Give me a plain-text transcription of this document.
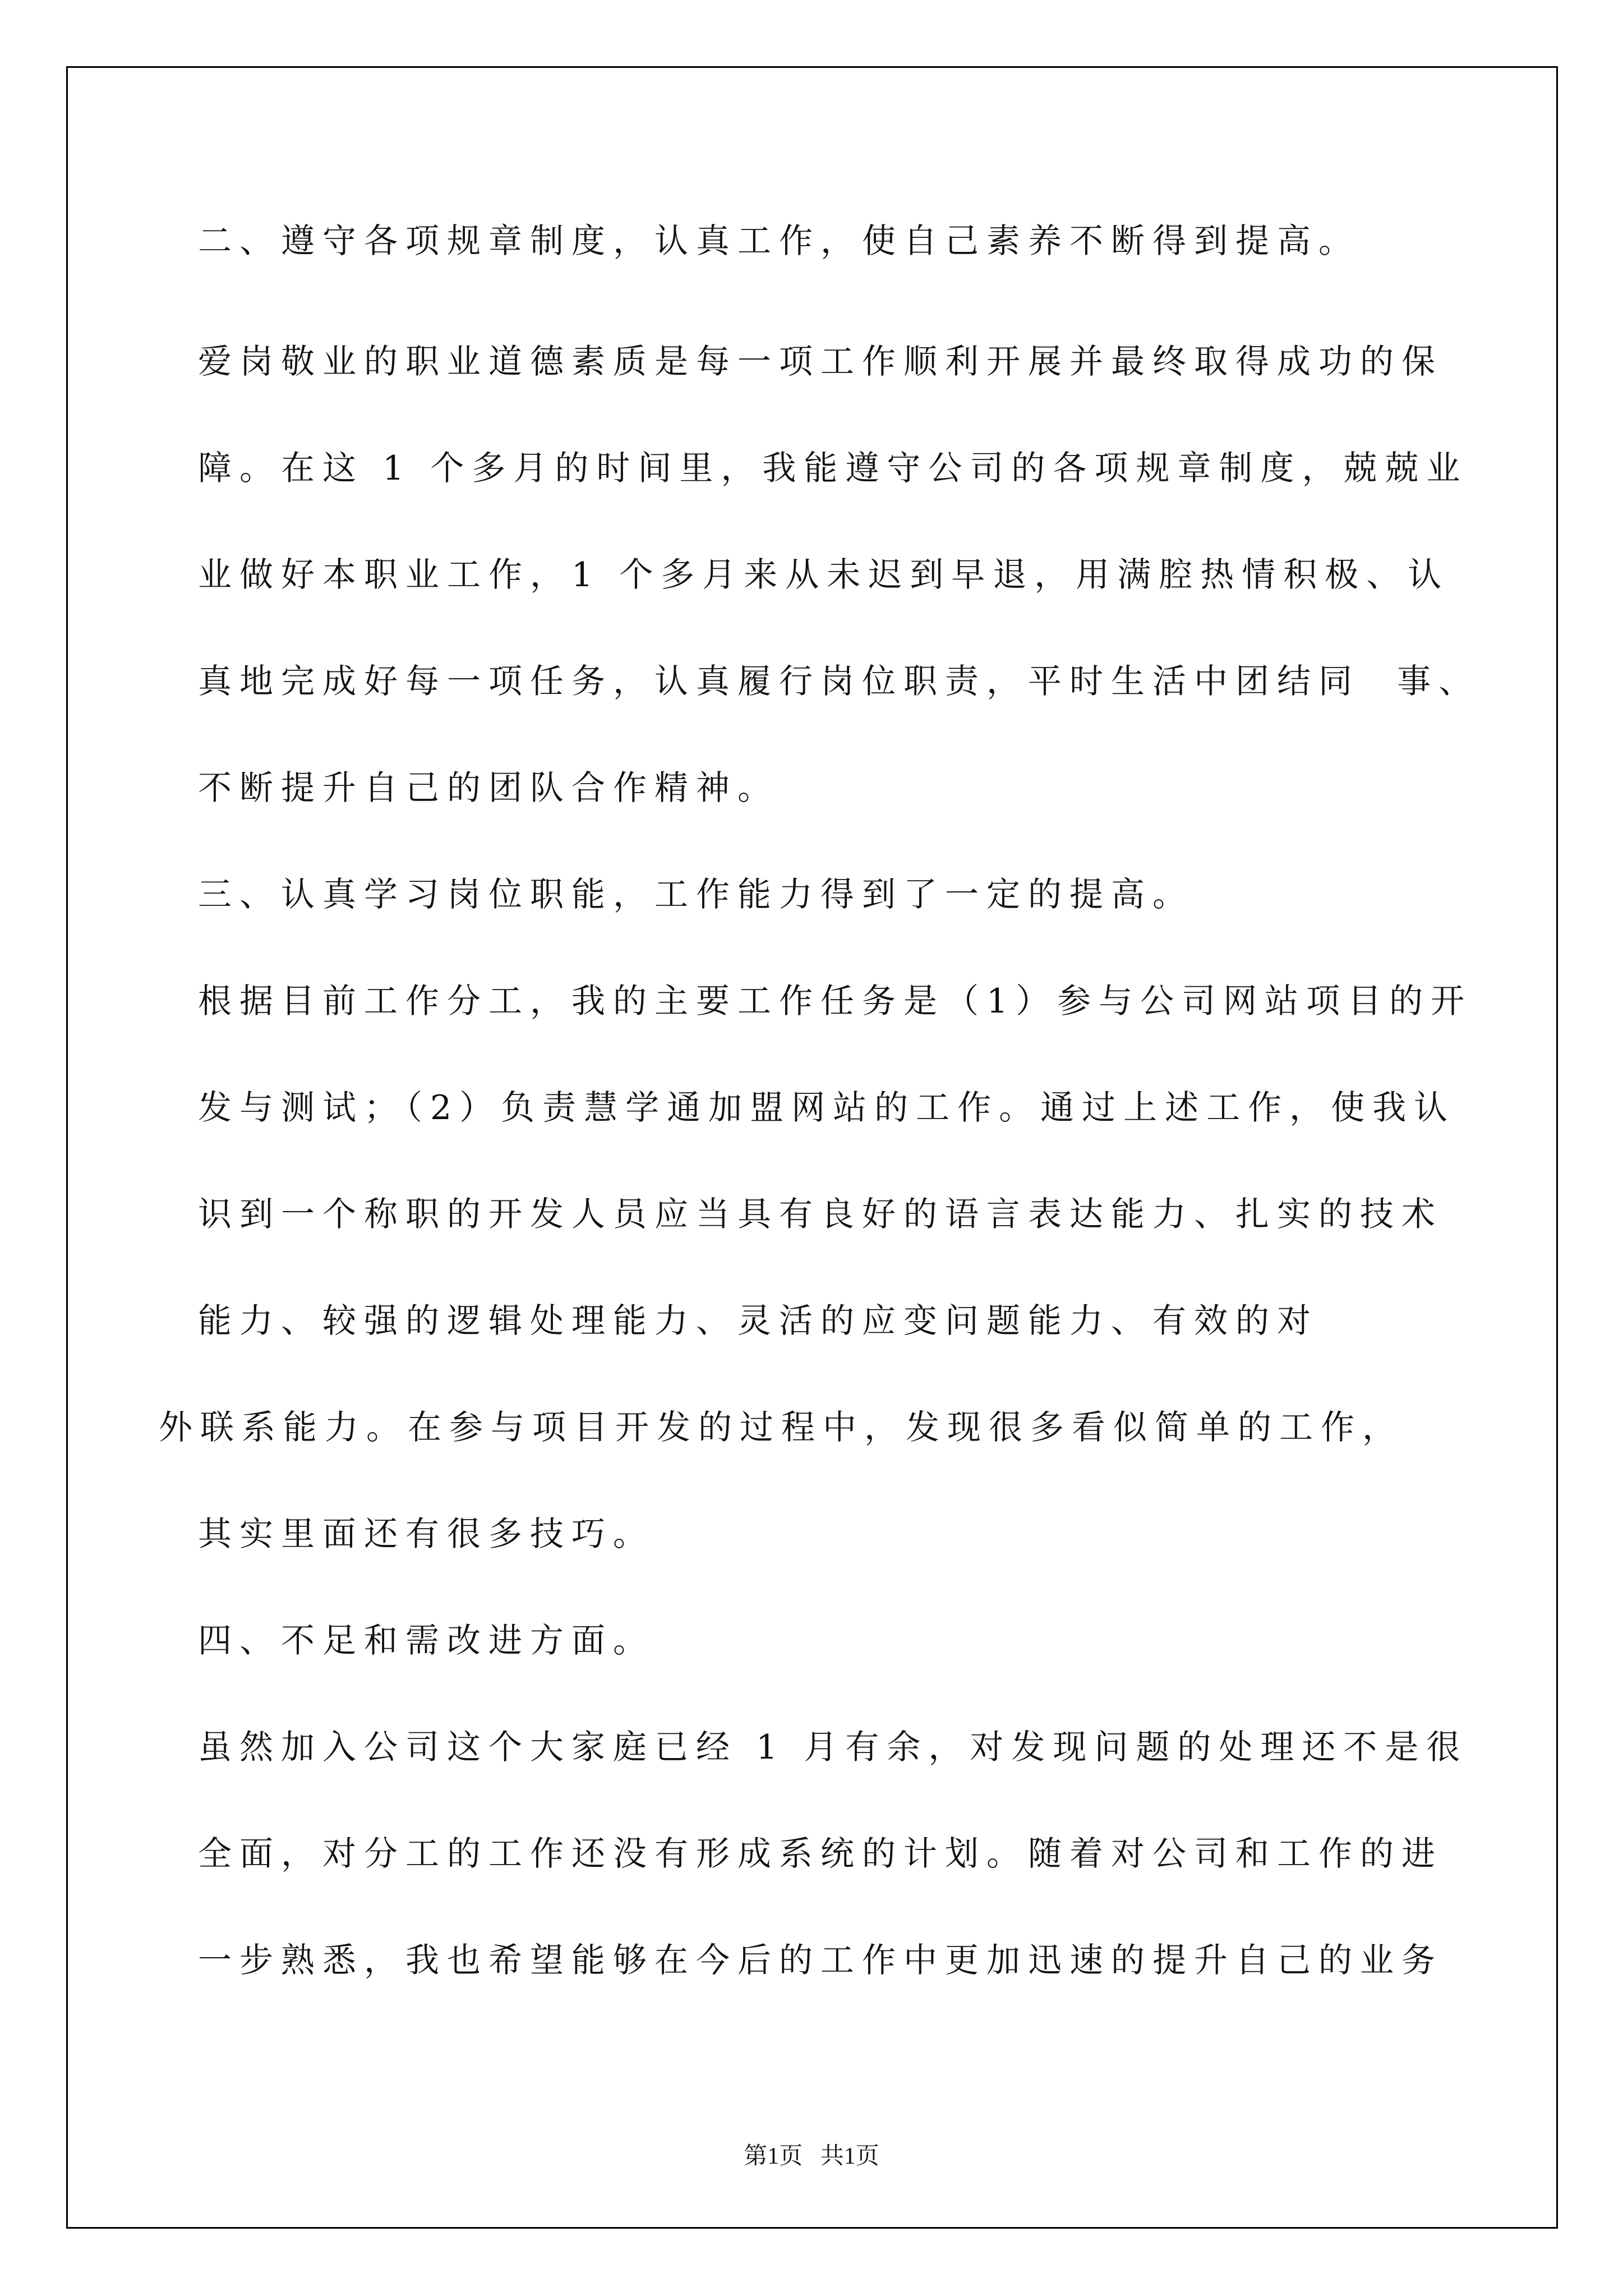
二、遵守各项规章制度，认真工作，使自己素养不断得到提高。

爱岗敬业的职业道德素质是每一项工作顺利开展并最终取得成功的保

障。在这 1 个多月的时间里，我能遵守公司的各项规章制度，兢兢业

业做好本职业工作，1 个多月来从未迟到早退，用满腔热情积极、认

真地完成好每一项任务，认真履行岗位职责，平时生活中团结同  事、

不断提升自己的团队合作精神。

三、认真学习岗位职能，工作能力得到了一定的提高。

根据目前工作分工，我的主要工作任务是（1）参与公司网站项目的开

发与测试；（2）负责慧学通加盟网站的工作。通过上述工作，使我认

识到一个称职的开发人员应当具有良好的语言表达能力、扎实的技术

能力、较强的逻辑处理能力、灵活的应变问题能力、有效的对

外联系能力。在参与项目开发的过程中，发现很多看似简单的工作，

其实里面还有很多技巧。

四、不足和需改进方面。

虽然加入公司这个大家庭已经 1 月有余，对发现问题的处理还不是很

全面，对分工的工作还没有形成系统的计划。随着对公司和工作的进

一步熟悉，我也希望能够在今后的工作中更加迅速的提升自己的业务

第1页   共1页
